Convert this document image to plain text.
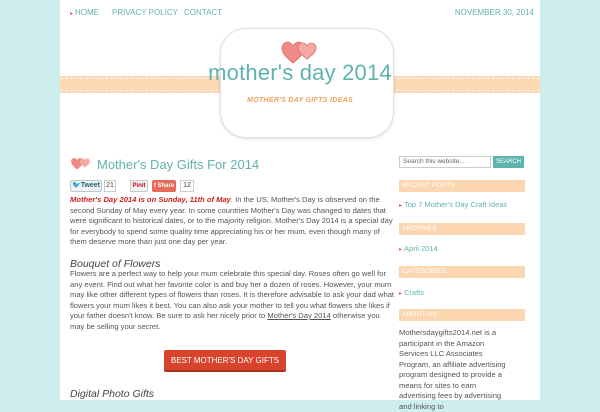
▸ HOME PRIVACY POLICY CONTACT	NOVEMBER 30, 2014
mother's day 2014
MOTHER'S DAY GIFTS IDEAS
Mother's Day Gifts For 2014
🐦Tweet 21	Pinit	f Share	12
Mother's Day 2014 is on Sunday, 11th of May. In the US, Mother's Day is observed on the second Sunday of May every year. In some countries Mother's Day was changed to dates that were significant to historical dates, or to the majority religion. Mother's Day 2014 is a special day for everybody to spend some quality time appreciating his or her mum, even though many of them deserve more than just one day per year.
Bouquet of Flowers
Flowers are a perfect way to help your mum celebrate this special day. Roses often go well for any event. Find out what her favorite color is and buy her a dozen of roses. However, your mum may like other different types of flowers than roses. It is therefore advisable to ask your dad what flowers your mum likes it best. You can also ask your mother to tell you what flowers she likes if your father doesn't know. Be sure to ask her nicely prior to Mother's Day 2014 otherwise you may be selling your secret.
BEST MOTHER'S DAY GIFTS
Digital Photo Gifts
Search this website...	SEARCH
RECENT POSTS
▸ Top 7 Mother's Day Craft Ideas
ARCHIVES
▸ April 2014
CATEGORIES
▸ Crafts
ABOUT US
Mothersdaygifts2014.net is a participant in the Amazon Services LLC Associates Program, an affiliate advertising program designed to provide a means for sites to earn advertising fees by advertising and linking to
